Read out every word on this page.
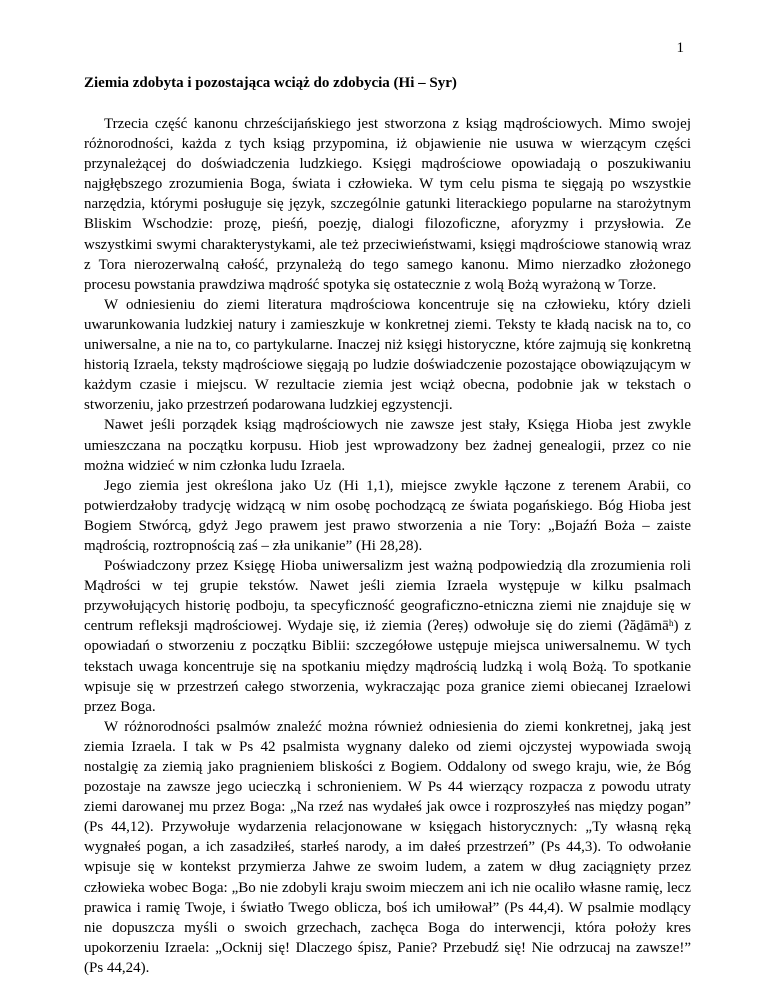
1

Ziemia zdobyta i pozostająca wciąż do zdobycia (Hi – Syr)

Trzecia część kanonu chrześcijańskiego jest stworzona z ksiąg mądrościowych. Mimo swojej różnorodności, każda z tych ksiąg przypomina, iż objawienie nie usuwa w wierzącym części przynależącej do doświadczenia ludzkiego. Księgi mądrościowe opowiadają o poszukiwaniu najgłębszego zrozumienia Boga, świata i człowieka. W tym celu pisma te sięgają po wszystkie narzędzia, którymi posługuje się język, szczególnie gatunki literackiego popularne na starożytnym Bliskim Wschodzie: prozę, pieśń, poezję, dialogi filozoficzne, aforyzmy i przysłowia. Ze wszystkimi swymi charakterystykami, ale też przeciwieństwami, księgi mądrościowe stanowią wraz z Tora nierozerwalną całość, przynależą do tego samego kanonu. Mimo nierzadko złożonego procesu powstania prawdziwa mądrość spotyka się ostatecznie z wolą Bożą wyrażoną w Torze.

W odniesieniu do ziemi literatura mądrościowa koncentruje się na człowieku, który dzieli uwarunkowania ludzkiej natury i zamieszkuje w konkretnej ziemi. Teksty te kładą nacisk na to, co uniwersalne, a nie na to, co partykularne. Inaczej niż księgi historyczne, które zajmują się konkretną historią Izraela, teksty mądrościowe sięgają po ludzie doświadczenie pozostające obowiązującym w każdym czasie i miejscu. W rezultacie ziemia jest wciąż obecna, podobnie jak w tekstach o stworzeniu, jako przestrzeń podarowana ludzkiej egzystencji.

Nawet jeśli porządek ksiąg mądrościowych nie zawsze jest stały, Księga Hioba jest zwykle umieszczana na początku korpusu. Hiob jest wprowadzony bez żadnej genealogii, przez co nie można widzieć w nim członka ludu Izraela.

Jego ziemia jest określona jako Uz (Hi 1,1), miejsce zwykle łączone z terenem Arabii, co potwierdzałoby tradycję widzącą w nim osobę pochodzącą ze świata pogańskiego. Bóg Hioba jest Bogiem Stwórcą, gdyż Jego prawem jest prawo stworzenia a nie Tory: „Bojaźń Boża – zaiste mądrością, roztropnością zaś – zła unikanie” (Hi 28,28).

Poświadczony przez Księgę Hioba uniwersalizm jest ważną podpowiedzią dla zrozumienia roli Mądrości w tej grupie tekstów. Nawet jeśli ziemia Izraela występuje w kilku psalmach przywołujących historię podboju, ta specyficzność geograficzno-etniczna ziemi nie znajduje się w centrum refleksji mądrościowej. Wydaje się, iż ziemia (ʔereṣ) odwołuje się do ziemi (ʔăḏāmāʰ) z opowiadań o stworzeniu z początku Biblii: szczegółowe ustępuje miejsca uniwersalnemu. W tych tekstach uwaga koncentruje się na spotkaniu między mądrością ludzką i wolą Bożą. To spotkanie wpisuje się w przestrzeń całego stworzenia, wykraczając poza granice ziemi obiecanej Izraelowi przez Boga.

W różnorodności psalmów znaleźć można również odniesienia do ziemi konkretnej, jaką jest ziemia Izraela. I tak w Ps 42 psalmista wygnany daleko od ziemi ojczystej wypowiada swoją nostalgię za ziemią jako pragnieniem bliskości z Bogiem. Oddalony od swego kraju, wie, że Bóg pozostaje na zawsze jego ucieczką i schronieniem. W Ps 44 wierzący rozpacza z powodu utraty ziemi darowanej mu przez Boga: „Na rzeź nas wydałeś jak owce i rozproszyłeś nas między pogan” (Ps 44,12). Przywołuje wydarzenia relacjonowane w księgach historycznych: „Ty własną ręką wygnałeś pogan, a ich zasadziłeś, starłeś narody, a im dałeś przestrzeń” (Ps 44,3). To odwołanie wpisuje się w kontekst przymierza Jahwe ze swoim ludem, a zatem w dług zaciągnięty przez człowieka wobec Boga: „Bo nie zdobyli kraju swoim mieczem ani ich nie ocaliło własne ramię, lecz prawica i ramię Twoje, i światło Twego oblicza, boś ich umiłował” (Ps 44,4). W psalmie modlący nie dopuszcza myśli o swoich grzechach, zachęca Boga do interwencji, która położy kres upokorzeniu Izraela: „Ocknij się! Dlaczego śpisz, Panie? Przebudź się! Nie odrzucaj na zawsze!” (Ps 44,24).
